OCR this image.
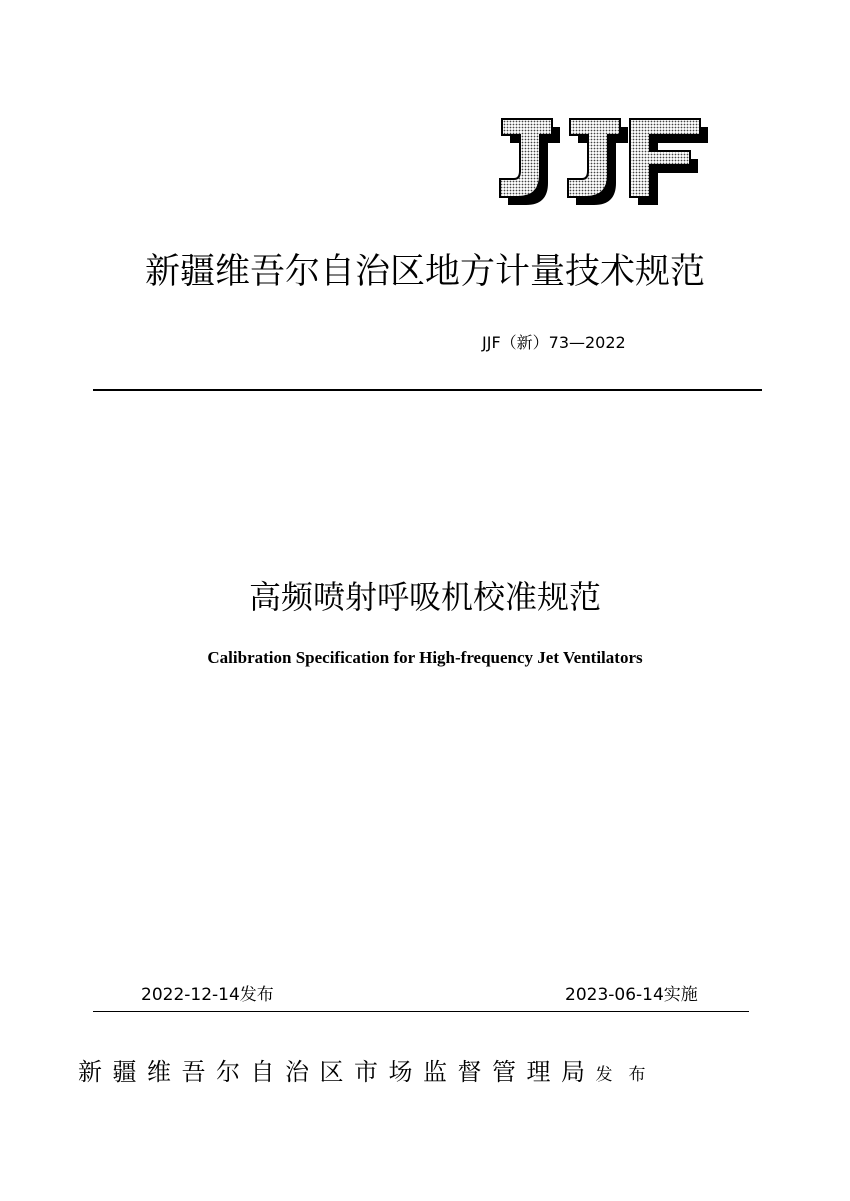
新疆维吾尔自治区地方计量技术规范
JJF（新）73—2022
高频喷射呼吸机校准规范
Calibration Specification for High-frequency Jet Ventilators
2022-12-14发布	2023-06-14实施
新疆维吾尔自治区市场监督管理局 发布
